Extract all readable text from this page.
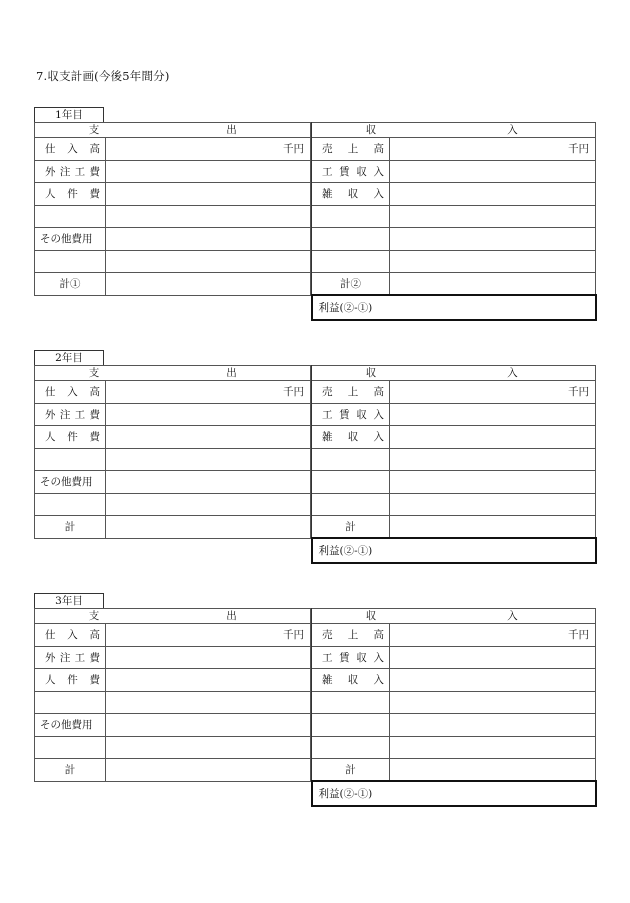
7.収支計画(今後5年間分)
1年目
支 出		収 入	

仕 入 高	千円		売 上 高	千円

外 注 工 費			工 賃 収 入	

人 件 費			雑 収 入	

その他費用				

計①			計②	
		利益(②-①)	
2年目
支 出		収 入	

仕 入 高	千円		売 上 高	千円

外 注 工 費			工 賃 収 入	

人 件 費			雑 収 入	

その他費用				

計			計	
		利益(②-①)	
3年目
支 出		収 入	

仕 入 高	千円		売 上 高	千円

外 注 工 費			工 賃 収 入	

人 件 費			雑 収 入	

その他費用				

計			計	
		利益(②-①)	
